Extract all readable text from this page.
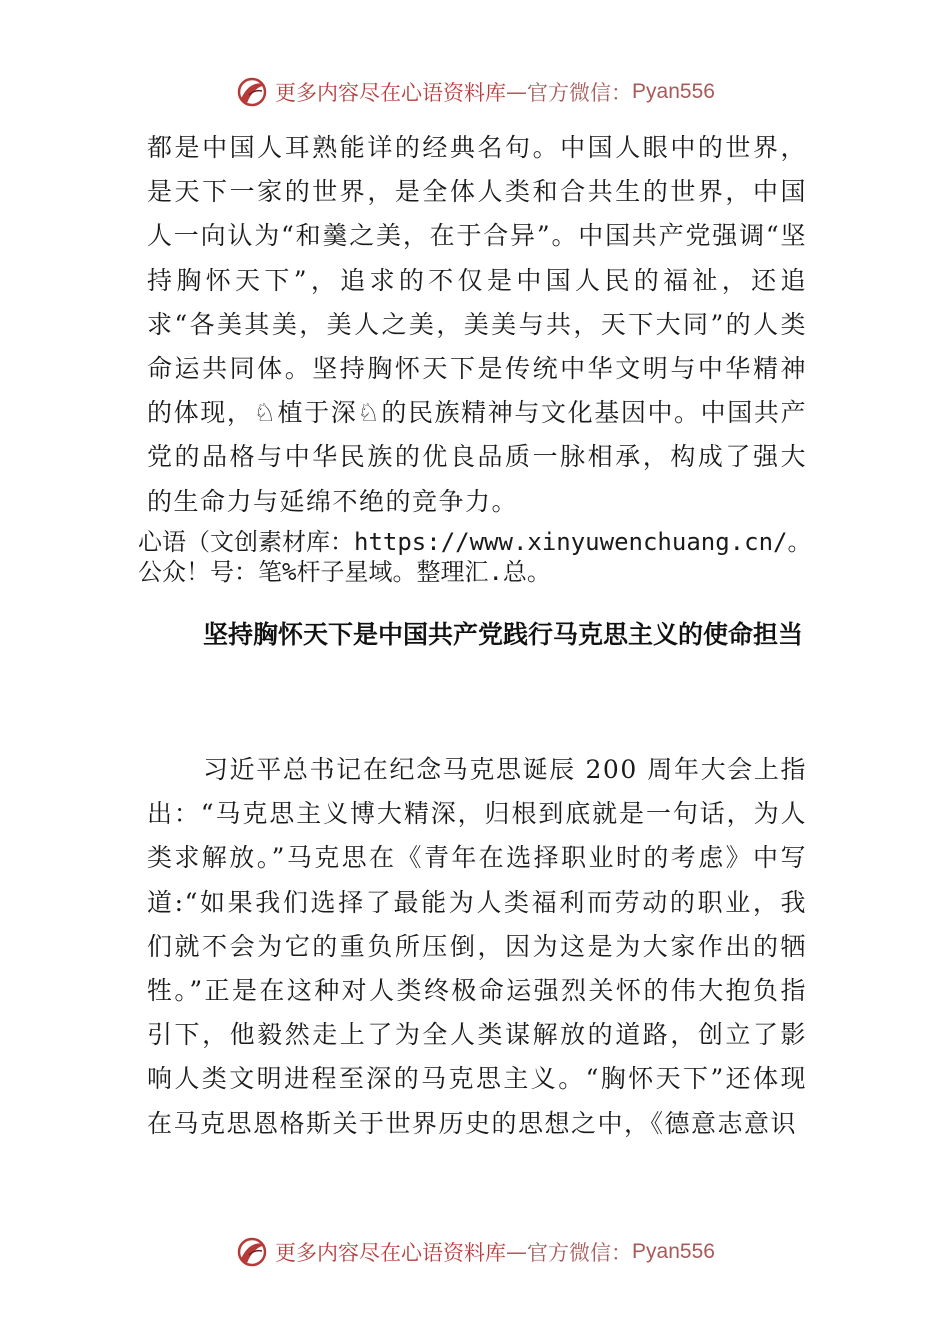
更多内容尽在心语资料库 — 官方微信： Pyan556

都是中国人耳熟能详的经典名句。中国人眼中的世界，是天下一家的世界，是全体人类和合共生的世界，中国人一向认为“和羹之美，在于合异”。中国共产党强调“坚持胸怀天下”，追求的不仅是中国人民的福祉，还追求“各美其美，美人之美，美美与共，天下大同”的人类命运共同体。坚持胸怀天下是传统中华文明与中华精神的体现，♘植于深♘的民族精神与文化基因中。中国共产党的品格与中华民族的优良品质一脉相承，构成了强大的生命力与延绵不绝的竞争力。

心语（文创素材库：https://www.xinyuwenchuang.cn/。公众！号：笔%杆子星域。整理汇.总。

坚持胸怀天下是中国共产党践行马克思主义的使命担当

习近平总书记在纪念马克思诞辰 200 周年大会上指出：“马克思主义博大精深，归根到底就是一句话，为人类求解放。”马克思在《青年在选择职业时的考虑》中写道:“如果我们选择了最能为人类福利而劳动的职业，我们就不会为它的重负所压倒，因为这是为大家作出的牺牲。”正是在这种对人类终极命运强烈关怀的伟大抱负指引下，他毅然走上了为全人类谋解放的道路，创立了影响人类文明进程至深的马克思主义。“胸怀天下”还体现在马克思恩格斯关于世界历史的思想之中，《德意志意识

更多内容尽在心语资料库 — 官方微信： Pyan556
